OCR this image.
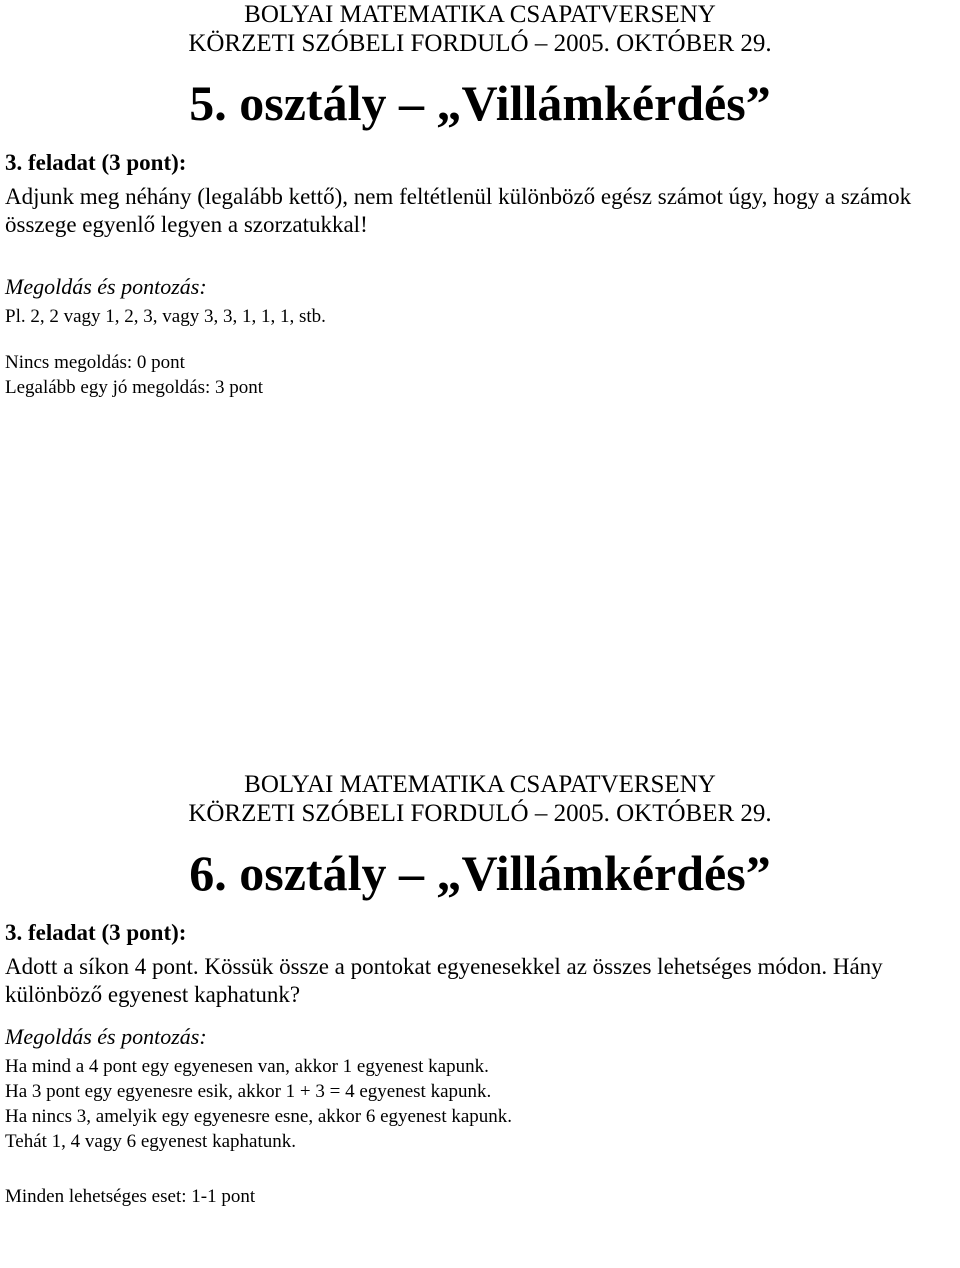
BOLYAI MATEMATIKA CSAPATVERSENY

KÖRZETI SZÓBELI FORDULÓ – 2005. OKTÓBER 29.

5. osztály – „Villámkérdés”

3. feladat (3 pont):

Adjunk meg néhány (legalább kettő), nem feltétlenül különböző egész számot úgy, hogy a számok összege egyenlő legyen a szorzatukkal!

Megoldás és pontozás:

Pl. 2, 2 vagy 1, 2, 3, vagy 3, 3, 1, 1, 1, stb.

Nincs megoldás: 0 pont

Legalább egy jó megoldás: 3 pont

BOLYAI MATEMATIKA CSAPATVERSENY

KÖRZETI SZÓBELI FORDULÓ – 2005. OKTÓBER 29.

6. osztály – „Villámkérdés”

3. feladat (3 pont):

Adott a síkon 4 pont. Kössük össze a pontokat egyenesekkel az összes lehetséges módon. Hány különböző egyenest kaphatunk?

Megoldás és pontozás:

Ha mind a 4 pont egy egyenesen van, akkor 1 egyenest kapunk.

Ha 3 pont egy egyenesre esik, akkor 1 + 3 = 4 egyenest kapunk.

Ha nincs 3, amelyik egy egyenesre esne, akkor 6 egyenest kapunk.

Tehát 1, 4 vagy 6 egyenest kaphatunk.

Minden lehetséges eset: 1-1 pont
